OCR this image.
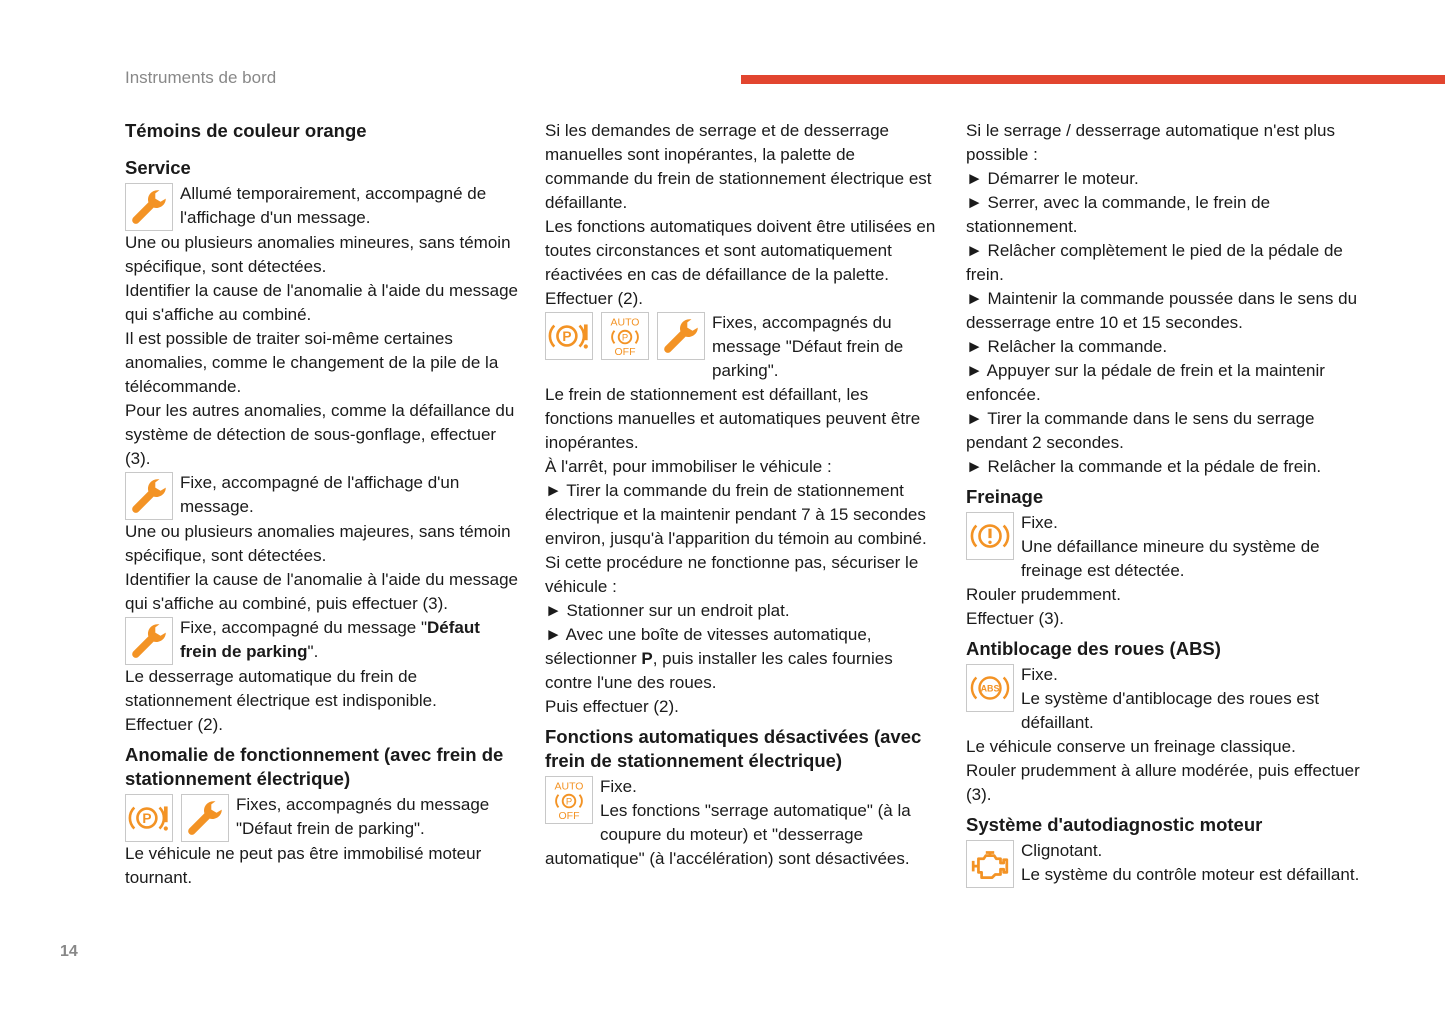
Instruments de bord
Témoins de couleur orange
Service
Allumé temporairement, accompagné de l'affichage d'un message.
Une ou plusieurs anomalies mineures, sans témoin spécifique, sont détectées.
Identifier la cause de l'anomalie à l'aide du message qui s'affiche au combiné.
Il est possible de traiter soi-même certaines anomalies, comme le changement de la pile de la télécommande.
Pour les autres anomalies, comme la défaillance du système de détection de sous-gonflage, effectuer (3).
Fixe, accompagné de l'affichage d'un message.
Une ou plusieurs anomalies majeures, sans témoin spécifique, sont détectées.
Identifier la cause de l'anomalie à l'aide du message qui s'affiche au combiné, puis effectuer (3).
Fixe, accompagné du message "Défaut frein de parking".
Le desserrage automatique du frein de stationnement électrique est indisponible.
Effectuer (2).
Anomalie de fonctionnement (avec frein de stationnement électrique)
P
Fixes, accompagnés du message "Défaut frein de parking".
Le véhicule ne peut pas être immobilisé moteur tournant.
Si les demandes de serrage et de desserrage manuelles sont inopérantes, la palette de commande du frein de stationnement électrique est défaillante.
Les fonctions automatiques doivent être utilisées en toutes circonstances et sont automatiquement réactivées en cas de défaillance de la palette.
Effectuer (2).
P
AUTO
P
OFF
Fixes, accompagnés du message "Défaut frein de parking".
Le frein de stationnement est défaillant, les fonctions manuelles et automatiques peuvent être inopérantes.
À l'arrêt, pour immobiliser le véhicule :
► Tirer la commande du frein de stationnement électrique et la maintenir pendant 7 à 15 secondes environ, jusqu'à l'apparition du témoin au combiné.
Si cette procédure ne fonctionne pas, sécuriser le véhicule :
► Stationner sur un endroit plat.
► Avec une boîte de vitesses automatique, sélectionner P, puis installer les cales fournies contre l'une des roues.
Puis effectuer (2).
Fonctions automatiques désactivées (avec frein de stationnement électrique)
AUTO
P
OFF
Fixe.
Les fonctions "serrage automatique" (à la coupure du moteur) et "desserrage automatique" (à l'accélération) sont désactivées.
Si le serrage / desserrage automatique n'est plus possible :
► Démarrer le moteur.
► Serrer, avec la commande, le frein de stationnement.
► Relâcher complètement le pied de la pédale de frein.
► Maintenir la commande poussée dans le sens du desserrage entre 10 et 15 secondes.
► Relâcher la commande.
► Appuyer sur la pédale de frein et la maintenir enfoncée.
► Tirer la commande dans le sens du serrage pendant 2 secondes.
► Relâcher la commande et la pédale de frein.
Freinage
Fixe.
Une défaillance mineure du système de freinage est détectée.
Rouler prudemment.
Effectuer (3).
Antiblocage des roues (ABS)
ABS
Fixe.
Le système d'antiblocage des roues est défaillant.
Le véhicule conserve un freinage classique.
Rouler prudemment à allure modérée, puis effectuer (3).
Système d'autodiagnostic moteur
Clignotant.
Le système du contrôle moteur est défaillant.
14
